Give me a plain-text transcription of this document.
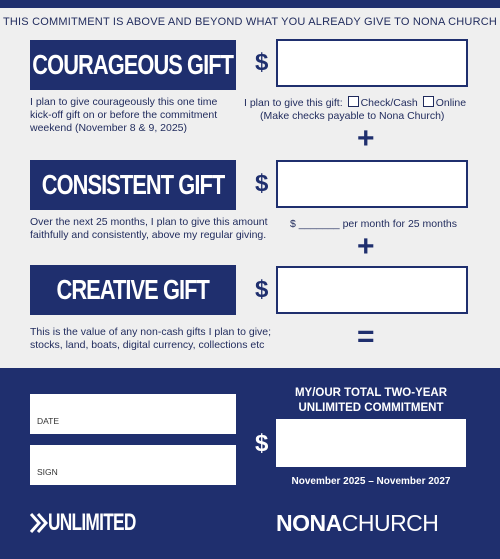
THIS COMMITMENT IS ABOVE AND BEYOND WHAT YOU ALREADY GIVE TO NONA CHURCH
COURAGEOUS GIFT $
I plan to give courageously this one time kick-off gift on or before the commitment weekend (November 8 & 9, 2025)
I plan to give this gift: Check/Cash Online
(Make checks payable to Nona Church)
+
CONSISTENT GIFT $
Over the next 25 months, I plan to give this amount faithfully and consistently, above my regular giving.
$ _______ per month for 25 months
+
CREATIVE GIFT $
This is the value of any non-cash gifts I plan to give; stocks, land, boats, digital currency, collections etc	=
DATE
SIGN
MY/OUR TOTAL TWO-YEAR UNLIMITED COMMITMENT
$
November 2025 – November 2027
UNLIMITED	NONACHURCH
